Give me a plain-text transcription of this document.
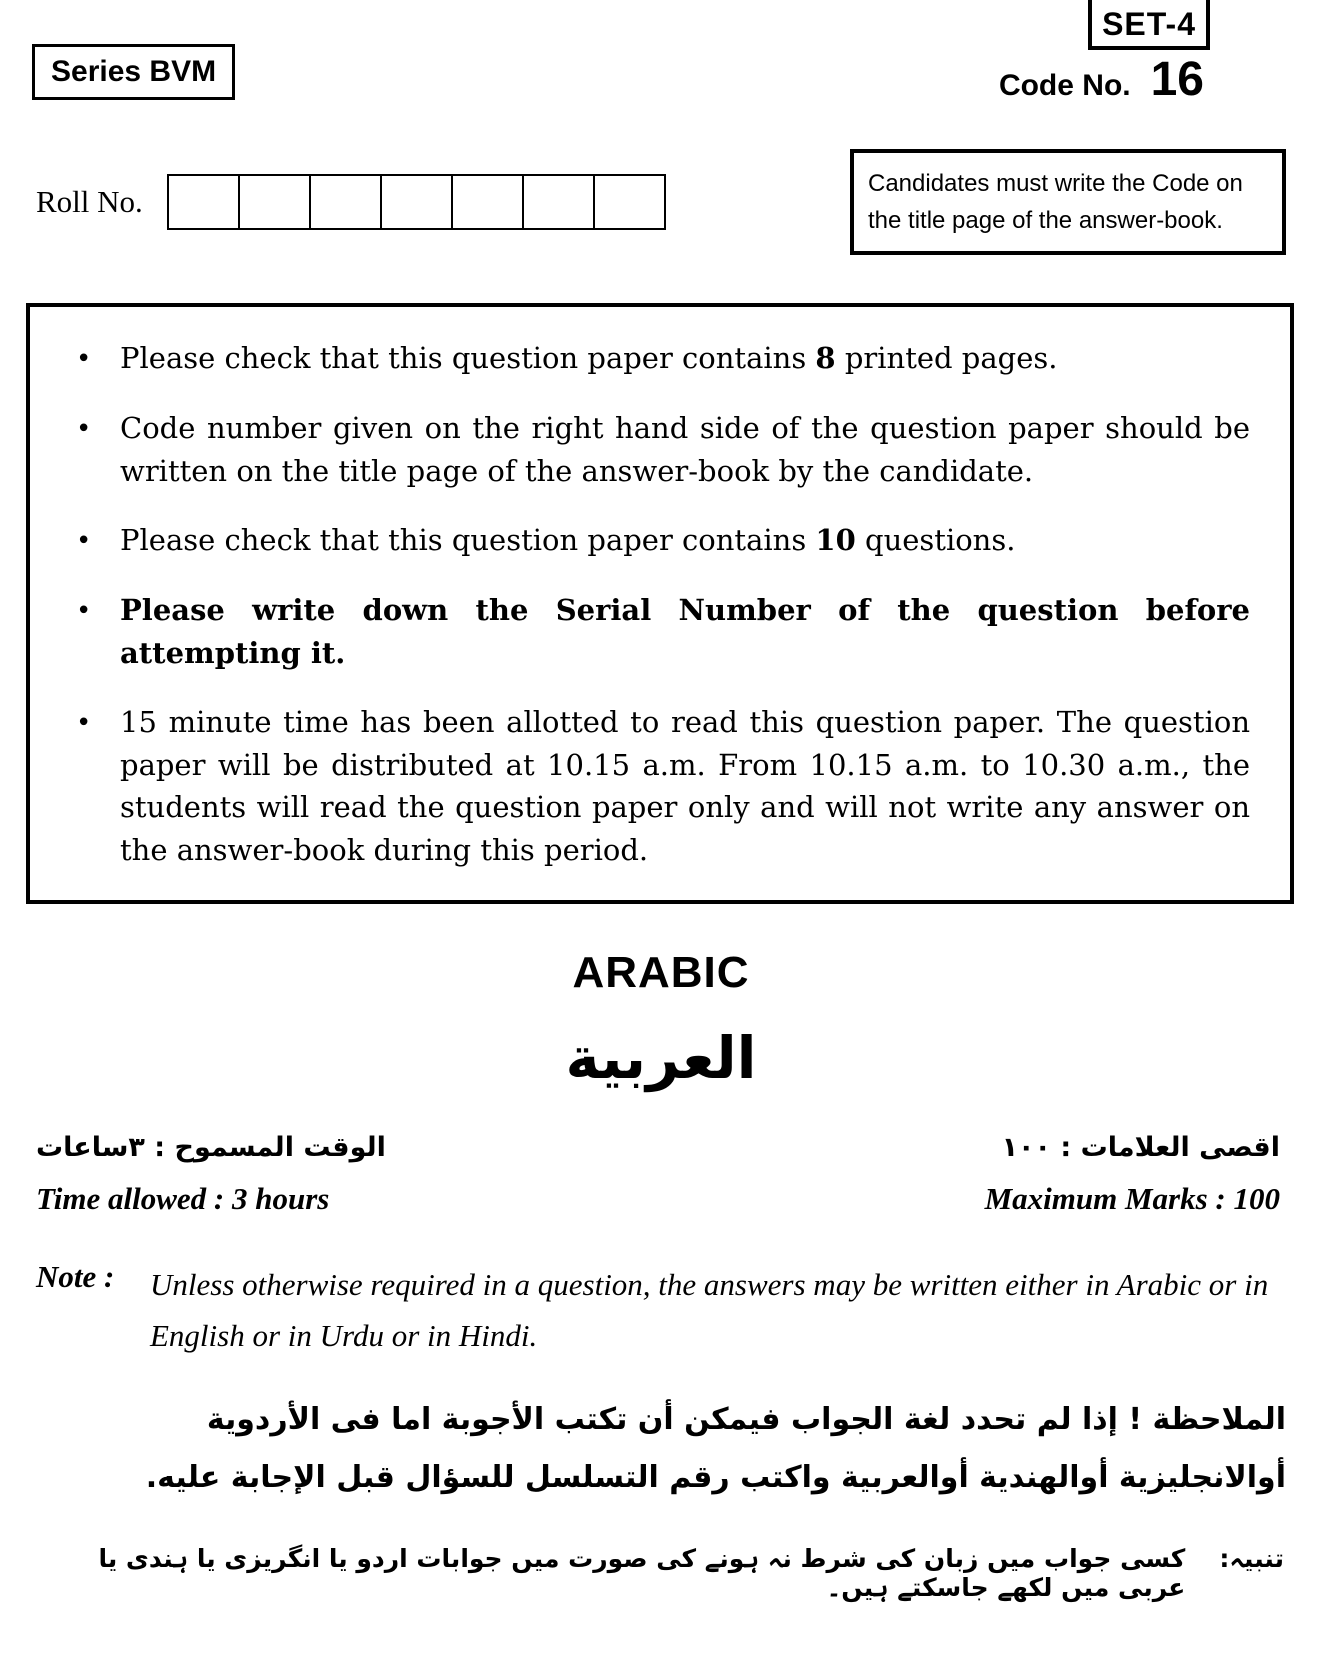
SET-4
Series BVM	Code No. 16
Roll No.
Candidates must write the Code on the title page of the answer-book.
• Please check that this question paper contains 8 printed pages.
• Code number given on the right hand side of the question paper should be written on the title page of the answer-book by the candidate.
• Please check that this question paper contains 10 questions.
• Please write down the Serial Number of the question before attempting it.
• 15 minute time has been allotted to read this question paper. The question paper will be distributed at 10.15 a.m. From 10.15 a.m. to 10.30 a.m., the students will read the question paper only and will not write any answer on the answer-book during this period.
ARABIC
العربية
الوقت المسموح : ٣ساعات
Time allowed : 3 hours
اقصى العلامات : ١٠٠
Maximum Marks : 100
Note :	Unless otherwise required in a question, the answers may be written either in Arabic or in English or in Urdu or in Hindi.
الملاحظة ! إذا لم تحدد لغة الجواب فيمكن أن تكتب الأجوبة اما فى الأردوية أوالانجليزية أوالهندية أوالعربية واكتب رقم التسلسل للسؤال قبل الإجابة عليه.
تنبیہ:
کسی جواب میں زبان کی شرط نہ ہونے کی صورت میں جوابات اردو یا انگریزی یا ہندی یا عربی میں لکھے جاسکتے ہیں۔
